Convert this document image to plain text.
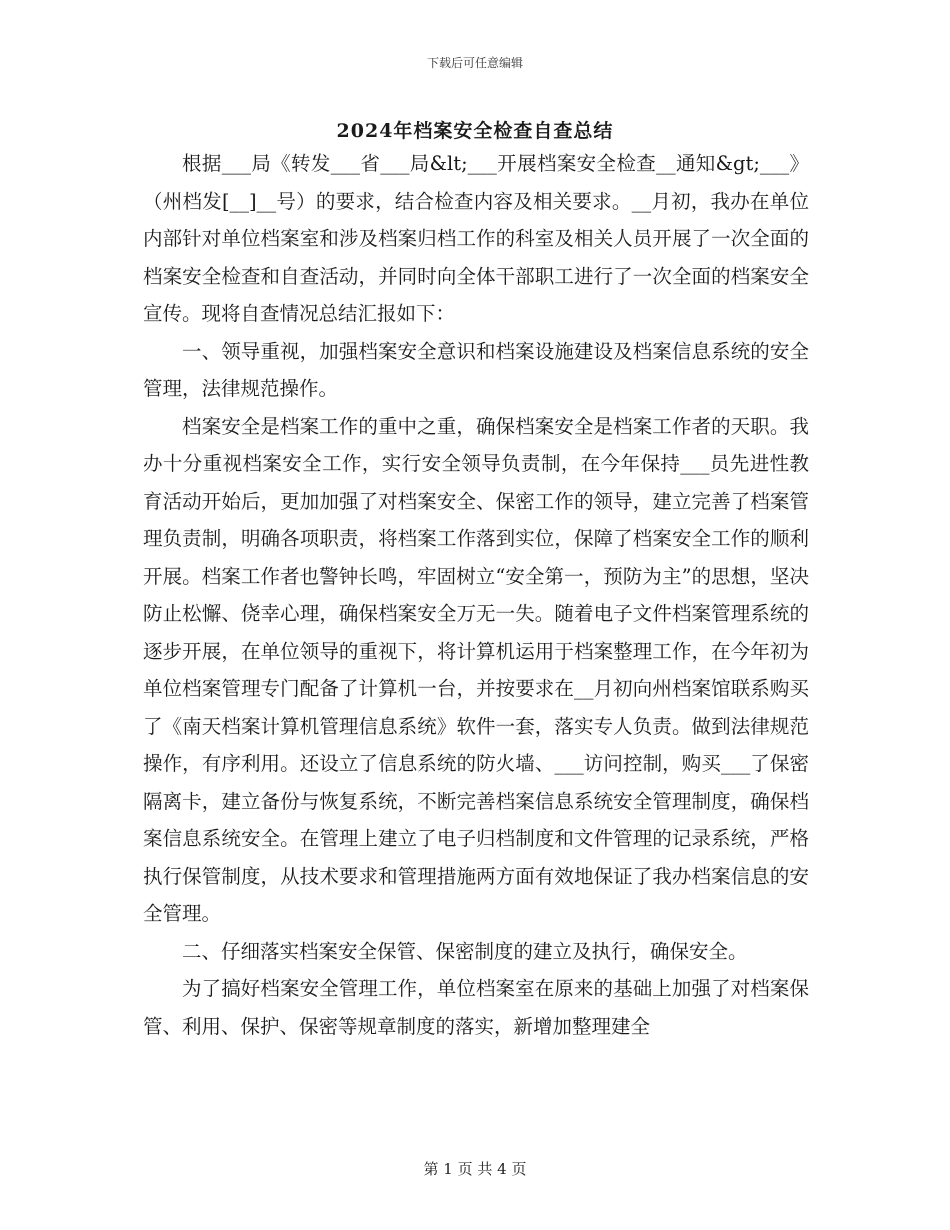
下载后可任意编辑
2024年档案安全检查自查总结

根据___局《转发___省___局&lt;___开展档案安全检查__通知&gt;___》（州档发[__]__号）的要求，结合检查内容及相关要求。__月初，我办在单位内部针对单位档案室和涉及档案归档工作的科室及相关人员开展了一次全面的档案安全检查和自查活动，并同时向全体干部职工进行了一次全面的档案安全宣传。现将自查情况总结汇报如下：

一、领导重视，加强档案安全意识和档案设施建设及档案信息系统的安全管理，法律规范操作。

档案安全是档案工作的重中之重，确保档案安全是档案工作者的天职。我办十分重视档案安全工作，实行安全领导负责制，在今年保持___员先进性教育活动开始后，更加加强了对档案安全、保密工作的领导，建立完善了档案管理负责制，明确各项职责，将档案工作落到实位，保障了档案安全工作的顺利开展。档案工作者也警钟长鸣，牢固树立“安全第一，预防为主”的思想，坚决防止松懈、侥幸心理，确保档案安全万无一失。随着电子文件档案管理系统的逐步开展，在单位领导的重视下，将计算机运用于档案整理工作，在今年初为单位档案管理专门配备了计算机一台，并按要求在__月初向州档案馆联系购买了《南天档案计算机管理信息系统》软件一套，落实专人负责。做到法律规范操作，有序利用。还设立了信息系统的防火墙、___访问控制，购买___了保密隔离卡，建立备份与恢复系统，不断完善档案信息系统安全管理制度，确保档案信息系统安全。在管理上建立了电子归档制度和文件管理的记录系统，严格执行保管制度，从技术要求和管理措施两方面有效地保证了我办档案信息的安全管理。

二、仔细落实档案安全保管、保密制度的建立及执行，确保安全。

为了搞好档案安全管理工作，单位档案室在原来的基础上加强了对档案保管、利用、保护、保密等规章制度的落实，新增加整理建全

第 1 页 共 4 页
